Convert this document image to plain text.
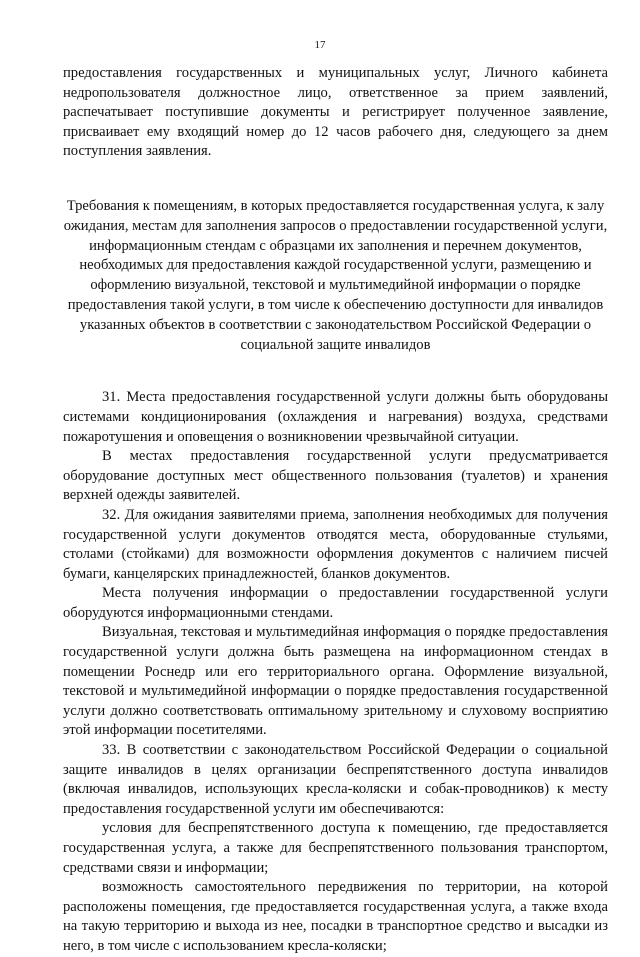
17

предоставления государственных и муниципальных услуг, Личного кабинета недропользователя должностное лицо, ответственное за прием заявлений, распечатывает поступившие документы и регистрирует полученное заявление, присваивает ему входящий номер до 12 часов рабочего дня, следующего за днем поступления заявления.

Требования к помещениям, в которых предоставляется государственная услуга, к залу ожидания, местам для заполнения запросов о предоставлении государственной услуги, информационным стендам с образцами их заполнения и перечнем документов, необходимых для предоставления каждой государственной услуги, размещению и оформлению визуальной, текстовой и мультимедийной информации о порядке предоставления такой услуги, в том числе к обеспечению доступности для инвалидов указанных объектов в соответствии с законодательством Российской Федерации о социальной защите инвалидов

31. Места предоставления государственной услуги должны быть оборудованы системами кондиционирования (охлаждения и нагревания) воздуха, средствами пожаротушения и оповещения о возникновении чрезвычайной ситуации.

В местах предоставления государственной услуги предусматривается оборудование доступных мест общественного пользования (туалетов) и хранения верхней одежды заявителей.

32. Для ожидания заявителями приема, заполнения необходимых для получения государственной услуги документов отводятся места, оборудованные стульями, столами (стойками) для возможности оформления документов с наличием писчей бумаги, канцелярских принадлежностей, бланков документов.

Места получения информации о предоставлении государственной услуги оборудуются информационными стендами.

Визуальная, текстовая и мультимедийная информация о порядке предоставления государственной услуги должна быть размещена на информационном стендах в помещении Роснедр или его территориального органа. Оформление визуальной, текстовой и мультимедийной информации о порядке предоставления государственной услуги должно соответствовать оптимальному зрительному и слуховому восприятию этой информации посетителями.

33. В соответствии с законодательством Российской Федерации о социальной защите инвалидов в целях организации беспрепятственного доступа инвалидов (включая инвалидов, использующих кресла-коляски и собак-проводников) к месту предоставления государственной услуги им обеспечиваются:

условия для беспрепятственного доступа к помещению, где предоставляется государственная услуга, а также для беспрепятственного пользования транспортом, средствами связи и информации;

возможность самостоятельного передвижения по территории, на которой расположены помещения, где предоставляется государственная услуга, а также входа на такую территорию и выхода из нее, посадки в транспортное средство и высадки из него, в том числе с использованием кресла-коляски;
